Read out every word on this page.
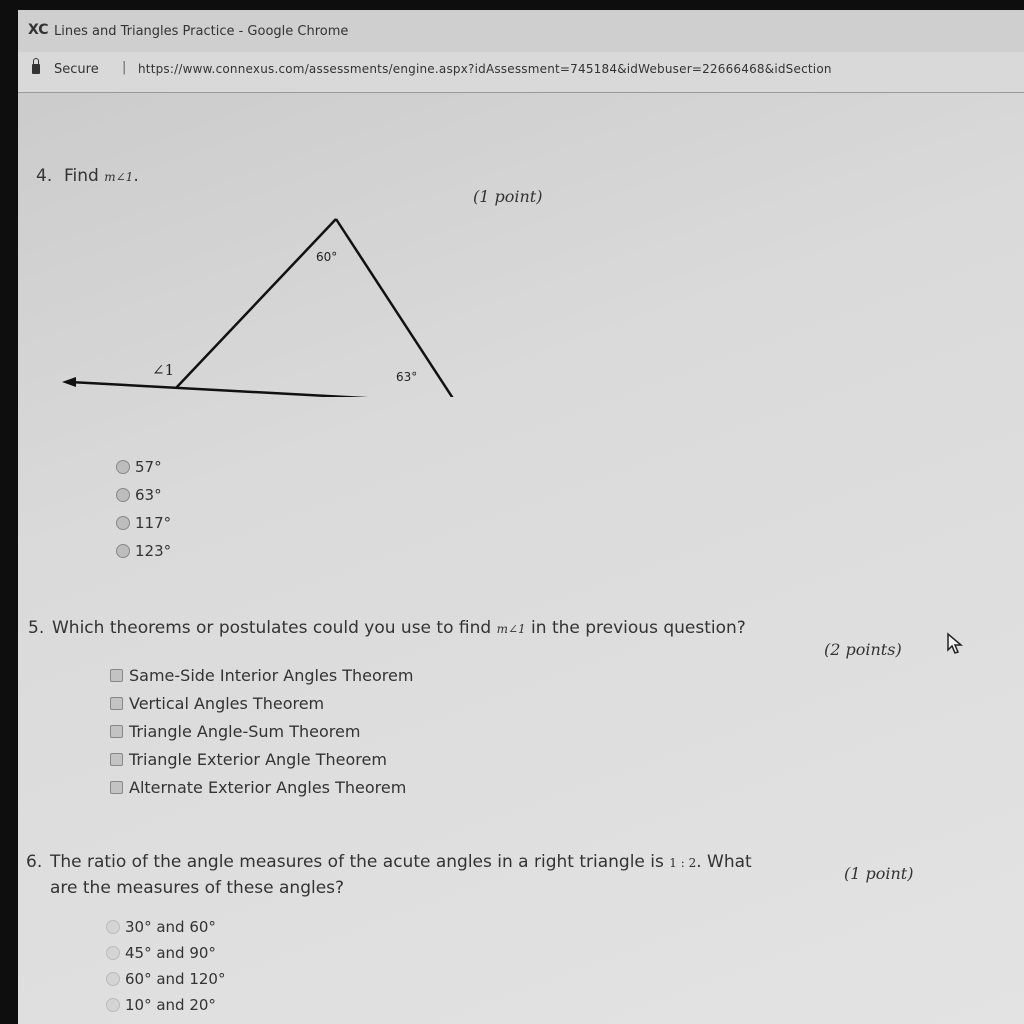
XC Lines and Triangles Practice - Google Chrome
Secure | https://www.connexus.com/assessments/engine.aspx?idAssessment=745184&idWebuser=22666468&idSection
4. Find m∠1.
(1 point)
60°
63°
∠1
57°
63°
117°
123°
5. Which theorems or postulates could you use to find m∠1 in the previous question?
(2 points)
Same-Side Interior Angles Theorem
Vertical Angles Theorem
Triangle Angle-Sum Theorem
Triangle Exterior Angle Theorem
Alternate Exterior Angles Theorem
6. The ratio of the angle measures of the acute angles in a right triangle is 1 : 2. What
are the measures of these angles?
(1 point)
30° and 60°
45° and 90°
60° and 120°
10° and 20°
